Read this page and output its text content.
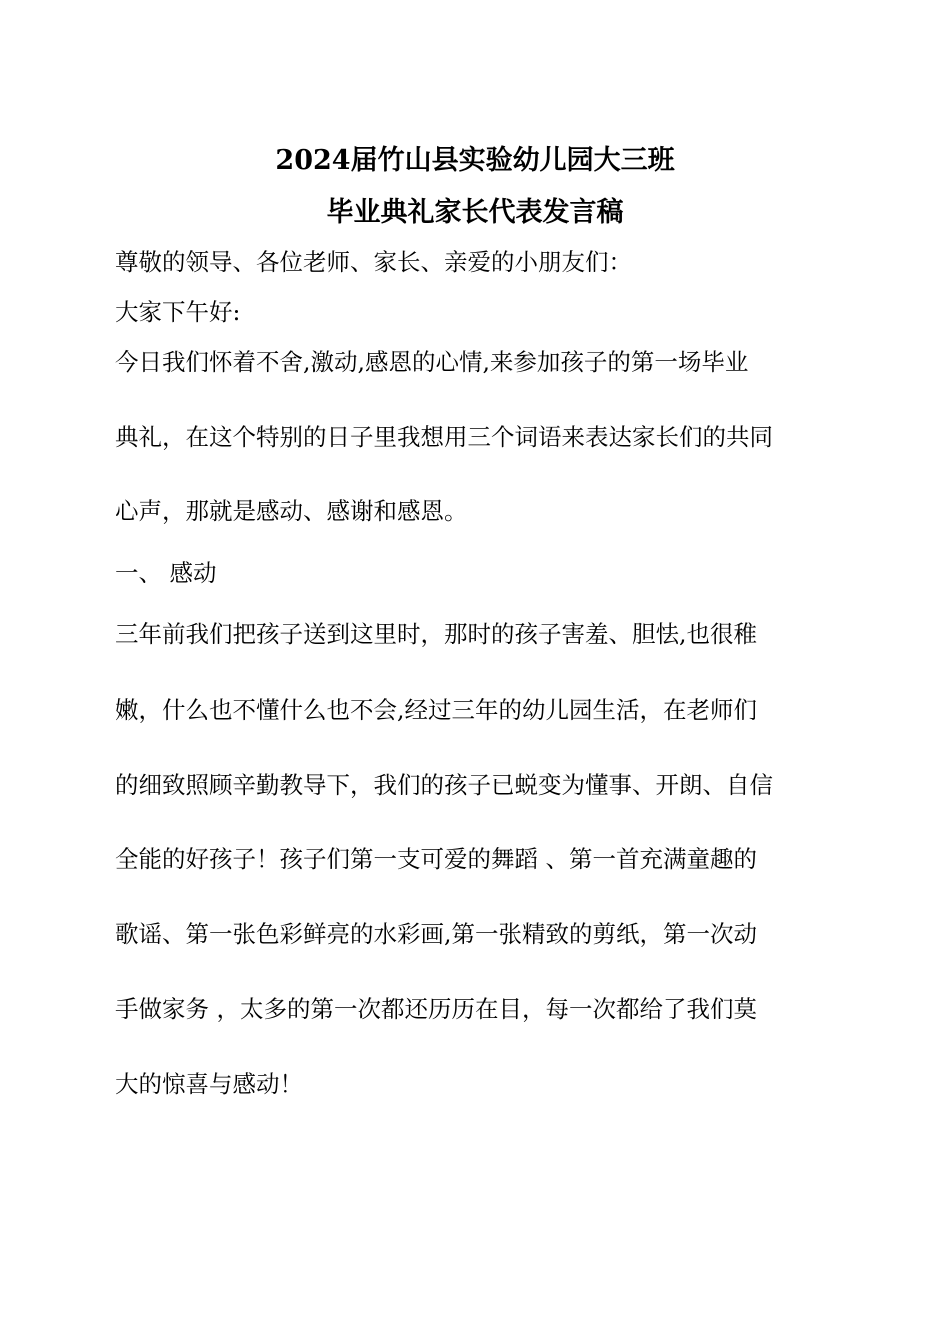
2024届竹山县实验幼儿园大三班
毕业典礼家长代表发言稿
尊敬的领导、各位老师、家长、亲爱的小朋友们：
大家下午好:
今日我们怀着不舍,激动,感恩的心情,来参加孩子的第一场毕业
典礼，在这个特别的日子里我想用三个词语来表达家长们的共同
心声，那就是感动、感谢和感恩。
一、 感动
三年前我们把孩子送到这里时，那时的孩子害羞、胆怯,也很稚
嫩，什么也不懂什么也不会,经过三年的幼儿园生活，在老师们
的细致照顾辛勤教导下，我们的孩子已蜕变为懂事、开朗、自信
全能的好孩子！孩子们第一支可爱的舞蹈 、第一首充满童趣的
歌谣、第一张色彩鲜亮的水彩画,第一张精致的剪纸，第一次动
手做家务 ，太多的第一次都还历历在目，每一次都给了我们莫
大的惊喜与感动！
